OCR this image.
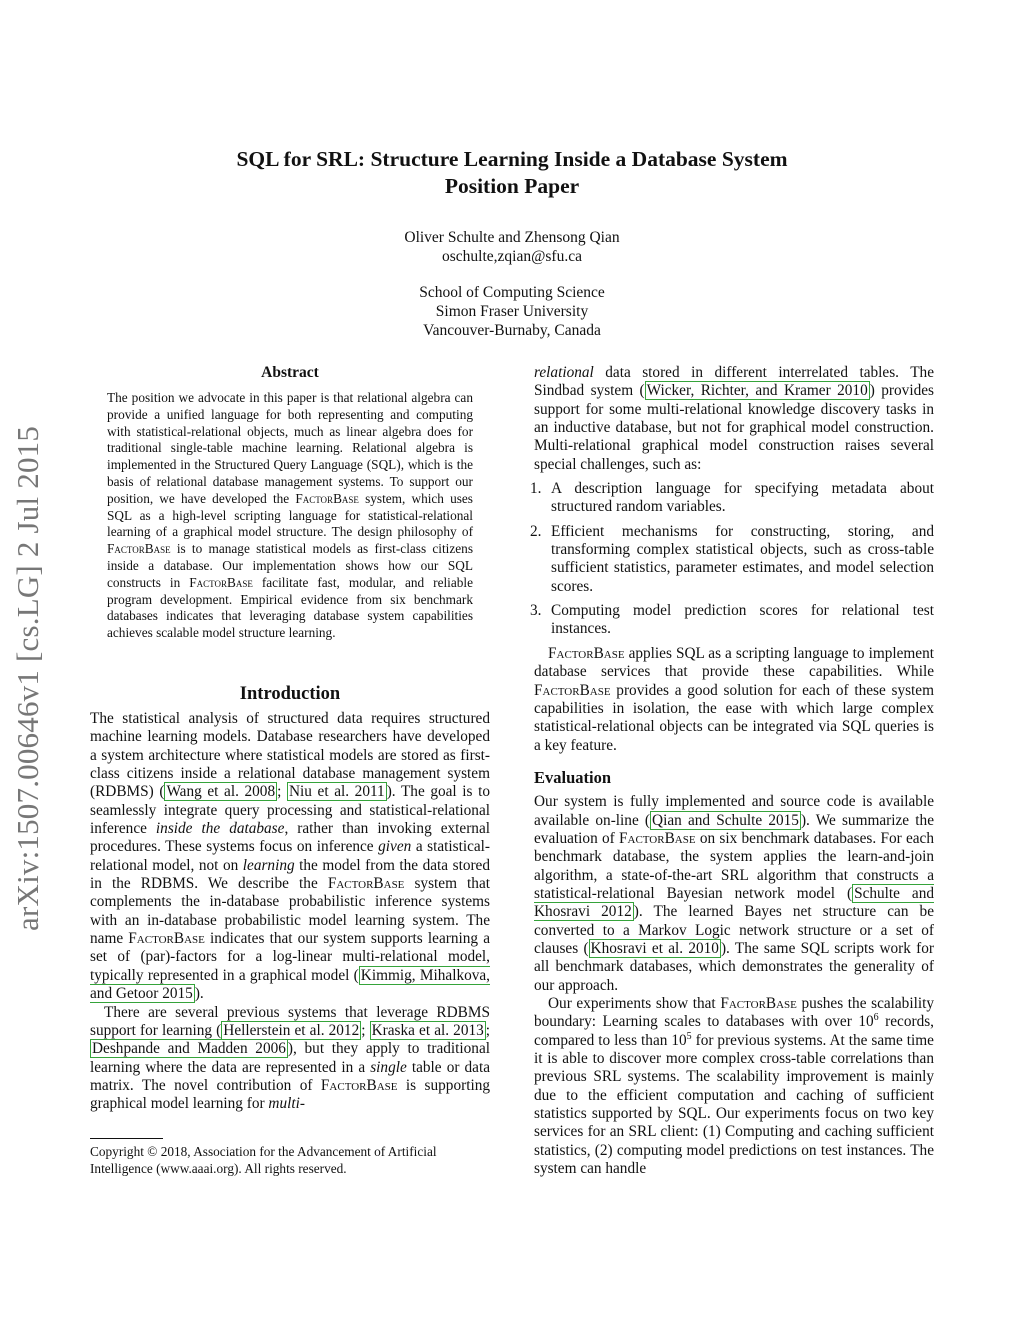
arXiv:1507.00646v1 [cs.LG] 2 Jul 2015
SQL for SRL: Structure Learning Inside a Database System
Position Paper
Oliver Schulte and Zhensong Qian
oschulte,zqian@sfu.ca
School of Computing Science
Simon Fraser University
Vancouver-Burnaby, Canada
Abstract
The position we advocate in this paper is that relational algebra can provide a unified language for both representing and computing with statistical-relational objects, much as linear algebra does for traditional single-table machine learning. Relational algebra is implemented in the Structured Query Language (SQL), which is the basis of relational database management systems. To support our position, we have developed the FactorBase system, which uses SQL as a high-level scripting language for statistical-relational learning of a graphical model structure. The design philosophy of FactorBase is to manage statistical models as first-class citizens inside a database. Our implementation shows how our SQL constructs in FactorBase facilitate fast, modular, and reliable program development. Empirical evidence from six benchmark databases indicates that leveraging database system capabilities achieves scalable model structure learning.
Introduction

The statistical analysis of structured data requires structured machine learning models. Database researchers have developed a system architecture where statistical models are stored as first-class citizens inside a relational database management system (RDBMS) ( Wang et al. 2008 ; Niu et al. 2011 ). The goal is to seamlessly integrate query processing and statistical-relational inference inside the database, rather than invoking external procedures. These systems focus on inference given a statistical-relational model, not on learning the model from the data stored in the RDBMS. We describe the FactorBase system that complements the in-database probabilistic inference systems with an in-database probabilistic model learning system. The name FactorBase indicates that our system supports learning a set of (par)-factors for a log-linear multi-relational model, typically represented in a graphical model ( Kimmig, Mihalkova, and Getoor 2015 ).

There are several previous systems that leverage RDBMS support for learning ( Hellerstein et al. 2012 ; Kraska et al. 2013 ; Deshpande and Madden 2006 ), but they apply to traditional learning where the data are represented in a single table or data matrix. The novel contribution of FactorBase is supporting graphical model learning for multi-

Copyright © 2018, Association for the Advancement of Artificial Intelligence (www.aaai.org). All rights reserved.

relational data stored in different interrelated tables. The Sindbad system ( Wicker, Richter, and Kramer 2010 ) provides support for some multi-relational knowledge discovery tasks in an inductive database, but not for graphical model construction. Multi-relational graphical model construction raises several special challenges, such as:

1. A description language for specifying metadata about structured random variables.
2. Efficient mechanisms for constructing, storing, and transforming complex statistical objects, such as cross-table sufficient statistics, parameter estimates, and model selection scores.
3. Computing model prediction scores for relational test instances.

FactorBase applies SQL as a scripting language to implement database services that provide these capabilities. While FactorBase provides a good solution for each of these system capabilities in isolation, the ease with which large complex statistical-relational objects can be integrated via SQL queries is a key feature.

Evaluation

Our system is fully implemented and source code is available available on-line ( Qian and Schulte 2015 ). We summarize the evaluation of FactorBase on six benchmark databases. For each benchmark database, the system applies the learn-and-join algorithm, a state-of-the-art SRL algorithm that constructs a statistical-relational Bayesian network model ( Schulte and Khosravi 2012 ). The learned Bayes net structure can be converted to a Markov Logic network structure or a set of clauses ( Khosravi et al. 2010 ). The same SQL scripts work for all benchmark databases, which demonstrates the generality of our approach.

Our experiments show that FactorBase pushes the scalability boundary: Learning scales to databases with over $10^6$ records, compared to less than $10^5$ for previous systems. At the same time it is able to discover more complex cross-table correlations than previous SRL systems. The scalability improvement is mainly due to the efficient computation and caching of sufficient statistics supported by SQL. Our experiments focus on two key services for an SRL client: (1) Computing and caching sufficient statistics, (2) computing model predictions on test instances. The system can handle
